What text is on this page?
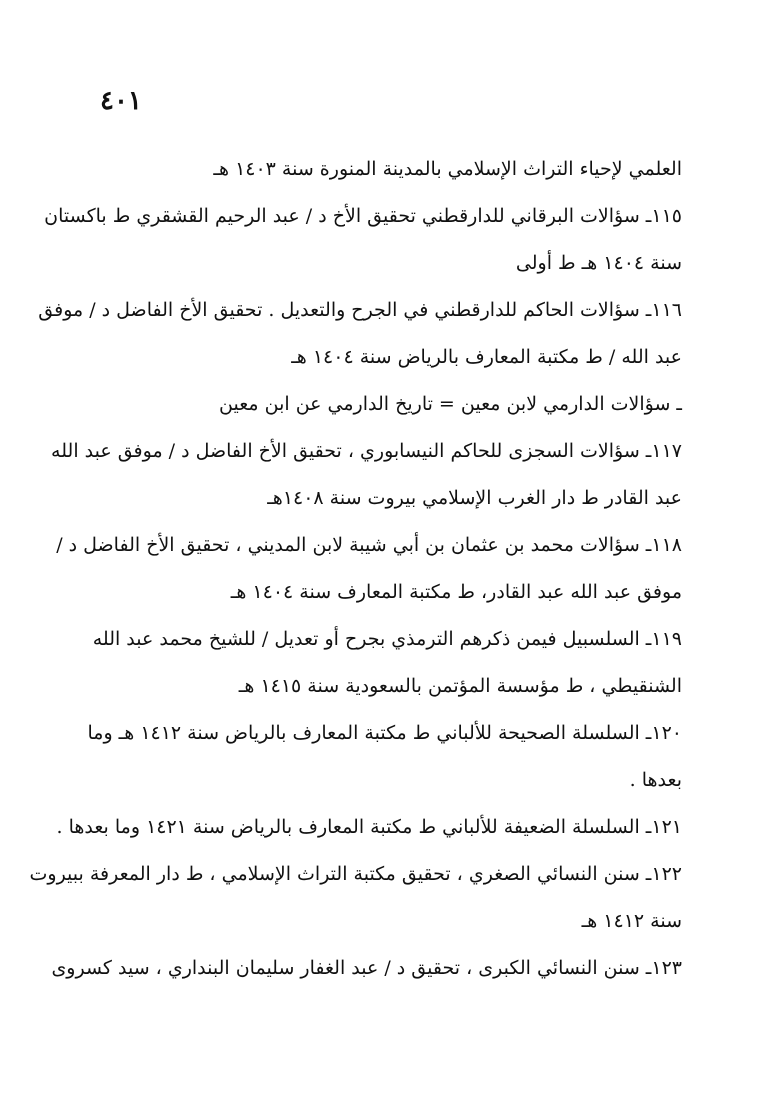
٤٠١
العلمي لإحياء التراث الإسلامي بالمدينة المنورة سنة ١٤٠٣ هـ
١١٥ـ سؤالات البرقاني للدارقطني تحقيق الأخ د / عبد الرحيم القشقري ط باكستان
سنة ١٤٠٤ هـ ط أولى
١١٦ـ سؤالات الحاكم للدارقطني في الجرح والتعديل . تحقيق الأخ الفاضل د / موفق
عبد الله / ط مكتبة المعارف بالرياض سنة ١٤٠٤ هـ
ـ سؤالات الدارمي لابن معين = تاريخ الدارمي عن ابن معين
١١٧ـ سؤالات السجزى للحاكم النيسابوري ، تحقيق الأخ الفاضل د / موفق عبد الله
عبد القادر ط دار الغرب الإسلامي بيروت سنة ١٤٠٨هـ
١١٨ـ سؤالات محمد بن عثمان بن أبي شيبة لابن المديني ، تحقيق الأخ الفاضل د /
موفق عبد الله عبد القادر، ط مكتبة المعارف سنة ١٤٠٤ هـ
١١٩ـ السلسبيل فيمن ذكرهم الترمذي بجرح أو تعديل / للشيخ محمد عبد الله
الشنقيطي ، ط مؤسسة المؤتمن بالسعودية سنة ١٤١٥ هـ
١٢٠ـ السلسلة الصحيحة للألباني ط مكتبة المعارف بالرياض سنة ١٤١٢ هـ وما
بعدها .
١٢١ـ السلسلة الضعيفة للألباني ط مكتبة المعارف بالرياض سنة ١٤٢١ وما بعدها .
١٢٢ـ سنن النسائي الصغري ، تحقيق مكتبة التراث الإسلامي ، ط دار المعرفة ببيروت
سنة ١٤١٢ هـ
١٢٣ـ سنن النسائي الكبرى ، تحقيق د / عبد الغفار سليمان البنداري ، سيد كسروى
